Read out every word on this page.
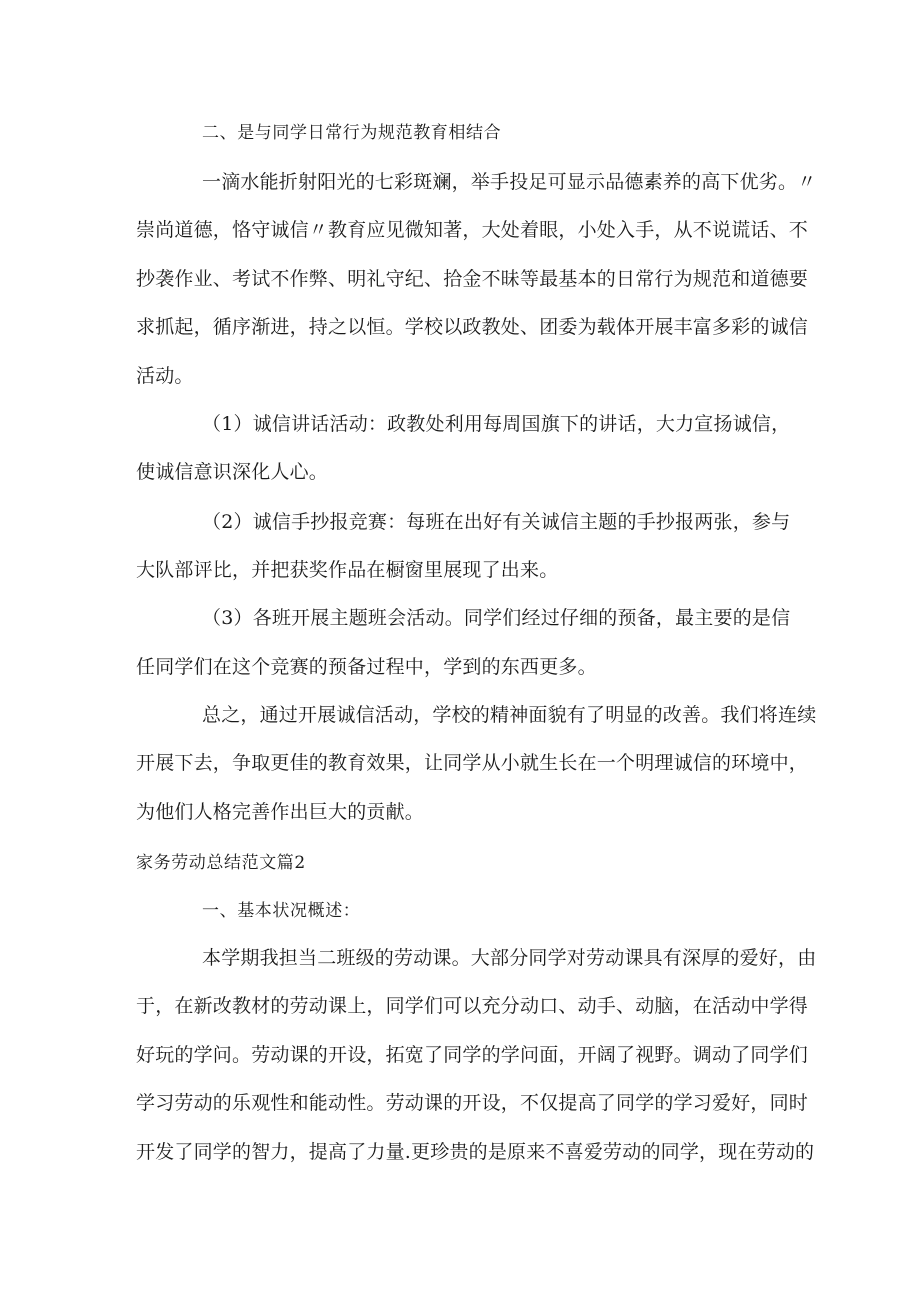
二、是与同学日常行为规范教育相结合
一滴水能折射阳光的七彩斑斓，举手投足可显示品德素养的高下优劣。〃
崇尚道德，恪守诚信〃教育应见微知著，大处着眼，小处入手，从不说谎话、不
抄袭作业、考试不作弊、明礼守纪、拾金不昧等最基本的日常行为规范和道德要
求抓起，循序渐进，持之以恒。学校以政教处、团委为载体开展丰富多彩的诚信
活动。
（1）诚信讲话活动：政教处利用每周国旗下的讲话，大力宣扬诚信，
使诚信意识深化人心。
（2）诚信手抄报竞赛：每班在出好有关诚信主题的手抄报两张，参与
大队部评比，并把获奖作品在橱窗里展现了出来。
（3）各班开展主题班会活动。同学们经过仔细的预备，最主要的是信
任同学们在这个竞赛的预备过程中，学到的东西更多。
总之，通过开展诚信活动，学校的精神面貌有了明显的改善。我们将连续
开展下去，争取更佳的教育效果，让同学从小就生长在一个明理诚信的环境中，
为他们人格完善作出巨大的贡献。
家务劳动总结范文篇2
一、基本状况概述：
本学期我担当二班级的劳动课。大部分同学对劳动课具有深厚的爱好，由
于，在新改教材的劳动课上，同学们可以充分动口、动手、动脑，在活动中学得
好玩的学问。劳动课的开设，拓宽了同学的学问面，开阔了视野。调动了同学们
学习劳动的乐观性和能动性。劳动课的开设，不仅提高了同学的学习爱好，同时
开发了同学的智力，提高了力量.更珍贵的是原来不喜爱劳动的同学，现在劳动的
